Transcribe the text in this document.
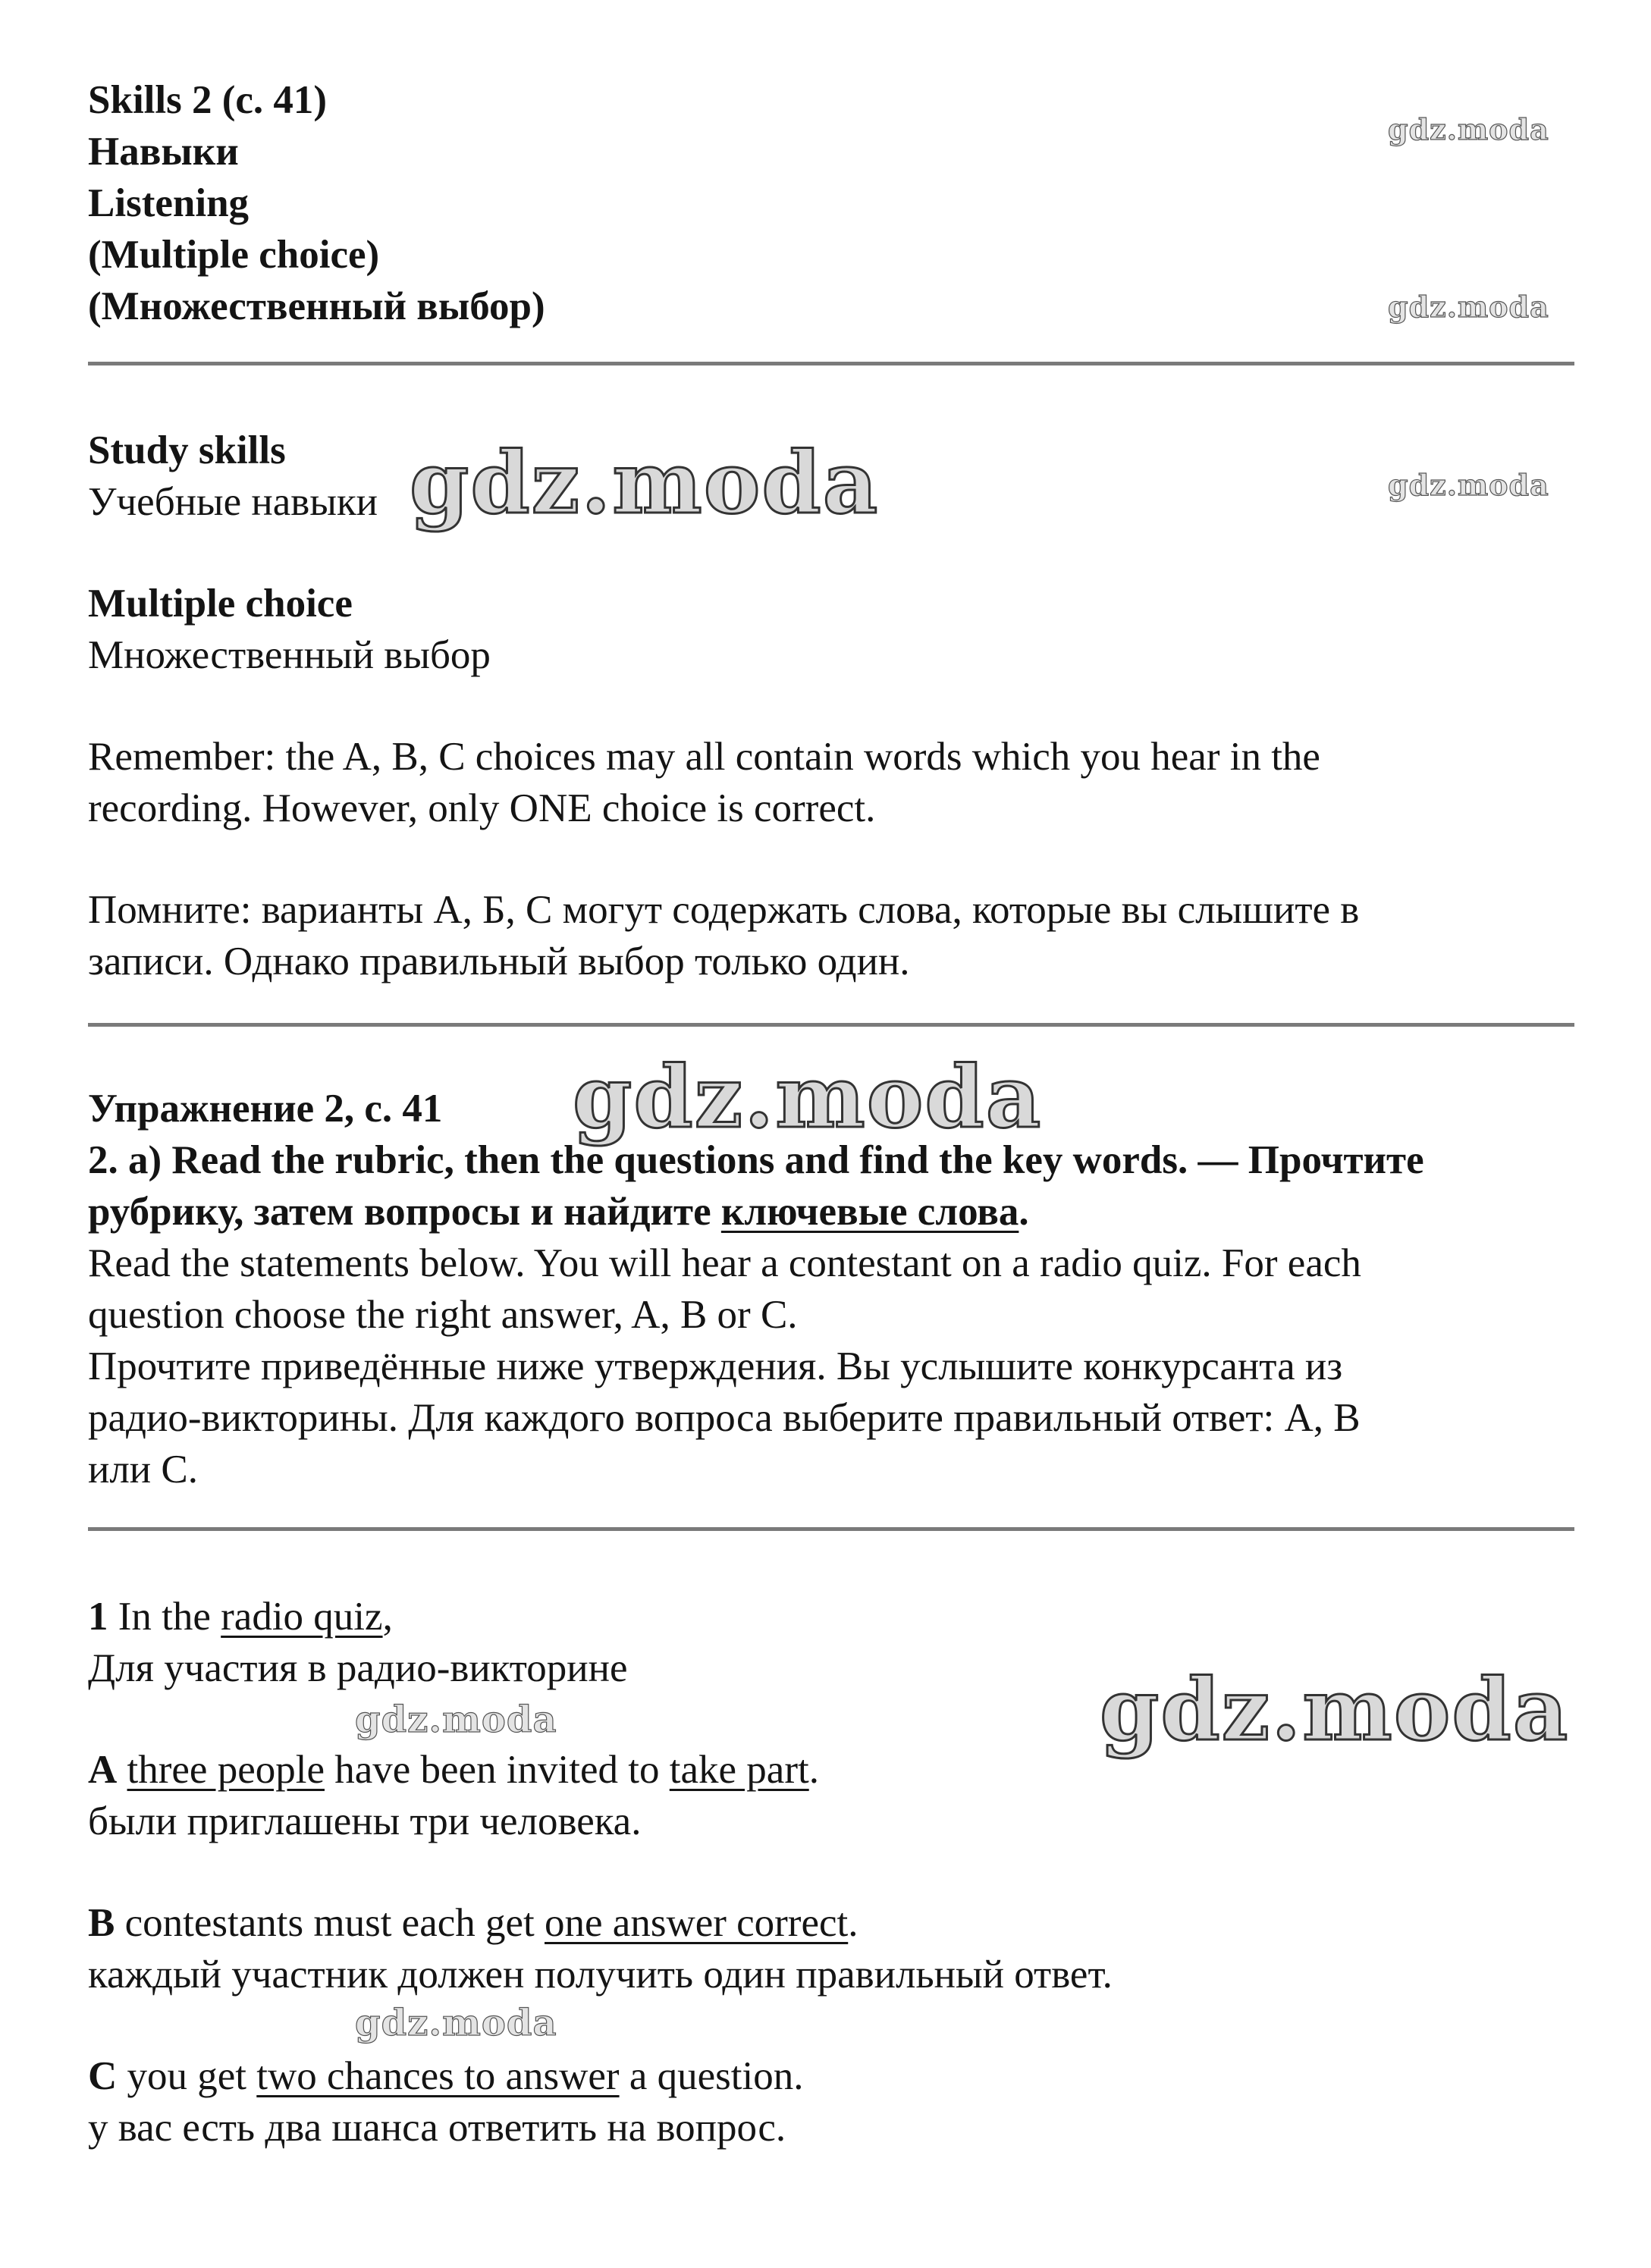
Skills 2 (с. 41)
Навыки
Listening
(Multiple choice)
(Множественный выбор)
Study skills
Учебные навыки
Multiple choice
Множественный выбор
Remember: the A, B, C choices may all contain words which you hear in the
recording. However, only ONE choice is correct.
Помните: варианты А, Б, С могут содержать слова, которые вы слышите в
записи. Однако правильный выбор только один.
Упражнение 2, с. 41
2. a) Read the rubric, then the questions and find the key words. — Прочтите
рубрику, затем вопросы и найдите ключевые слова.
Read the statements below. You will hear a contestant on a radio quiz. For each
question choose the right answer, A, B or C.
Прочтите приведённые ниже утверждения. Вы услышите конкурсанта из
радио-викторины. Для каждого вопроса выберите правильный ответ: А, В
или С.
1 In the radio quiz,
Для участия в радио-викторине
A three people have been invited to take part.
были приглашены три человека.
B contestants must each get one answer correct.
каждый участник должен получить один правильный ответ.
C you get two chances to answer a question.
у вас есть два шанса ответить на вопрос.
gdz.moda
gdz.moda
gdz.moda
gdz.moda
gdz.moda
gdz.moda
gdz.moda
gdz.moda
